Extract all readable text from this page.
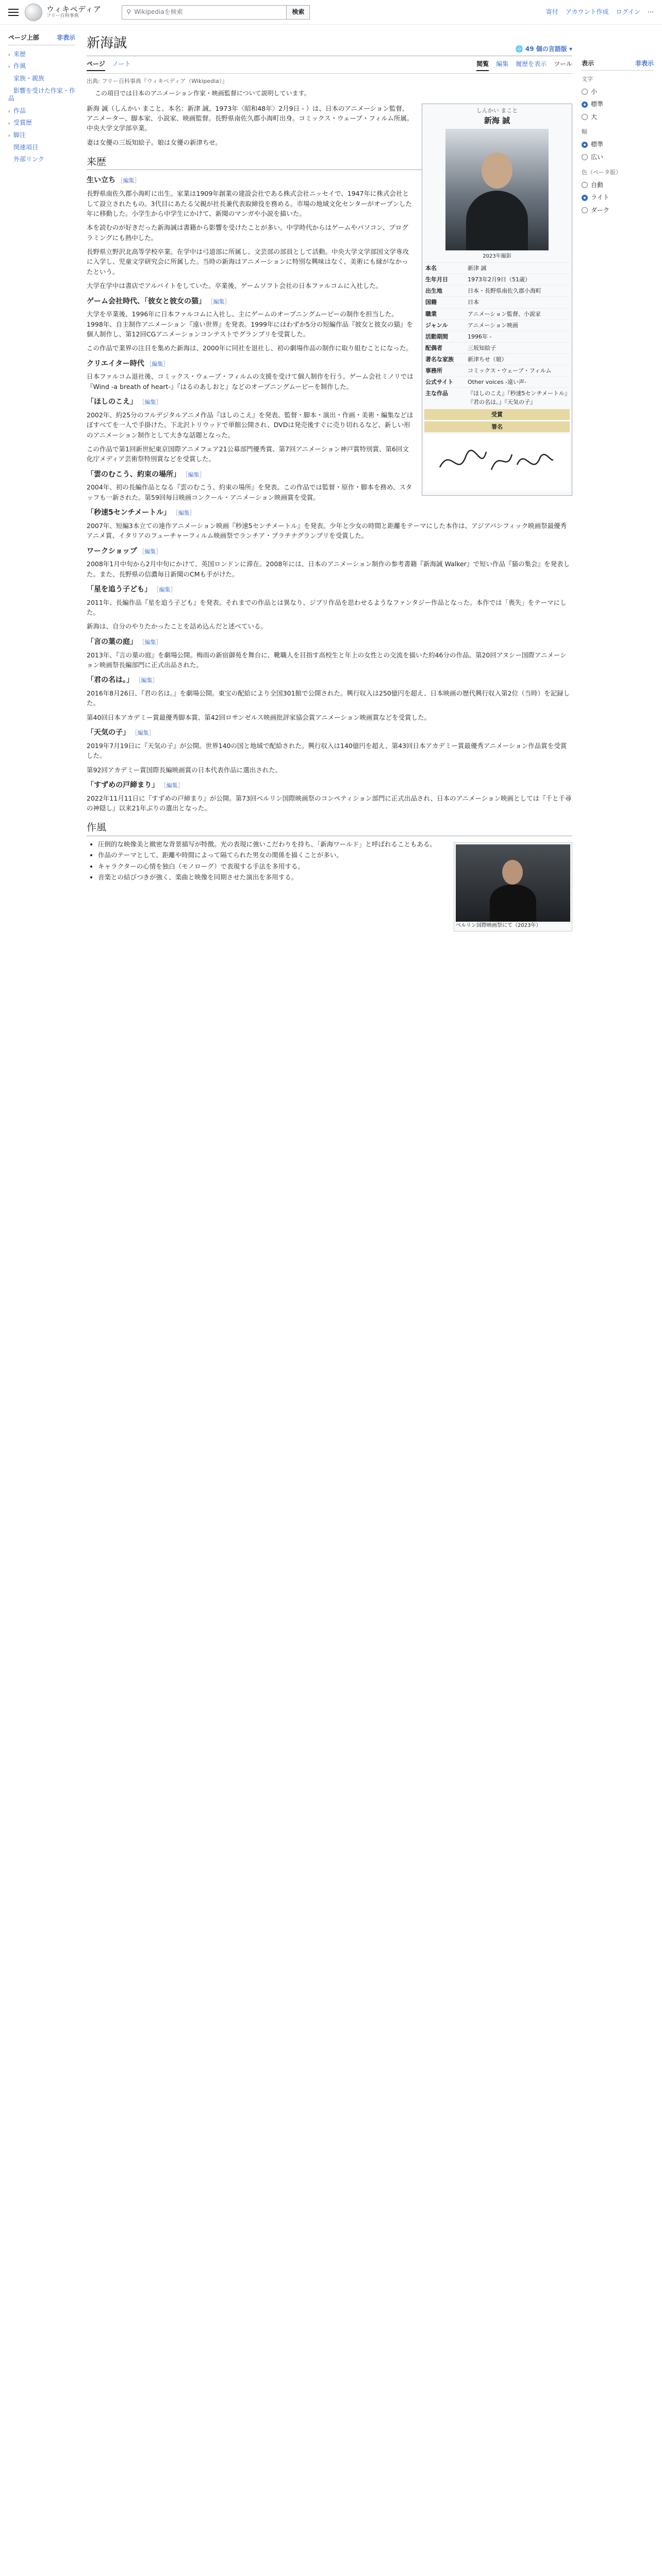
ウィキペディア
フリー百科事典
⚲ Wikipediaを検索	検索	寄付 アカウント作成 ログイン ⋯
ページ上部	非表示
› 来歴
› 作風
家族・親族
影響を受けた作家・作品
› 作品
› 受賞歴
› 脚注
関連項目
外部リンク
新海誠	🌐 49 個の言語版 ▾
ページ ノート	閲覧 編集 履歴を表示 ツール
出典: フリー百科事典『ウィキペディア（Wikipedia）』
この項目では日本のアニメーション作家・映画監督について説明しています。
しんかい まこと
新海 誠
2023年撮影
本名	新津 誠
生年月日	1973年2月9日（51歳）
出生地	日本・長野県南佐久郡小海町
国籍	日本
職業	アニメーション監督、小説家
ジャンル	アニメーション映画
活動期間	1996年 -
配偶者	三坂知絵子
著名な家族	新津ちせ（娘）
事務所	コミックス・ウェーブ・フィルム
公式サイト	Other voices -遠い声-
主な作品	『ほしのこえ』『秒速5センチメートル』『君の名は。』『天気の子』
受賞
署名

新海 誠（しんかい まこと、本名：新津 誠、1973年〈昭和48年〉2月9日 - ）は、日本のアニメーション監督、アニメーター、脚本家、小説家、映画監督。長野県南佐久郡小海町出身。コミックス・ウェーブ・フィルム所属。中央大学文学部卒業。

妻は女優の三坂知絵子。娘は女優の新津ちせ。

来歴
生い立ち ［編集］

長野県南佐久郡小海町に出生。家業は1909年創業の建設会社である株式会社ニッセイで、1947年に株式会社として設立されたもの。3代目にあたる父親が社長兼代表取締役を務める。市場の地域文化センターがオープンした年に移動した。小学生から中学生にかけて、新聞のマンガや小説を描いた。

本を読むのが好きだった新海誠は書籍から影響を受けたことが多い。中学時代からはゲームやパソコン、プログラミングにも熱中した。

長野県立野沢北高等学校卒業。在学中は弓道部に所属し、文芸部の部員として活動。中央大学文学部国文学専攻に入学し、児童文学研究会に所属した。当時の新海はアニメーションに特別な興味はなく、美術にも縁がなかったという。

大学在学中は書店でアルバイトをしていた。卒業後、ゲームソフト会社の日本ファルコムに入社した。

ゲーム会社時代、「彼女と彼女の猫」 ［編集］

大学を卒業後、1996年に日本ファルコムに入社し、主にゲームのオープニングムービーの制作を担当した。1998年、自主制作アニメーション『遠い世界』を発表。1999年にはわずか5分の短編作品『彼女と彼女の猫』を個人制作し、第12回CGアニメーションコンテストでグランプリを受賞した。

この作品で業界の注目を集めた新海は、2000年に同社を退社し、初の劇場作品の制作に取り組むことになった。

クリエイター時代 ［編集］

日本ファルコム退社後、コミックス・ウェーブ・フィルムの支援を受けて個人制作を行う。ゲーム会社ミノリでは『Wind -a breath of heart-』『はるのあしおと』などのオープニングムービーを制作した。

「ほしのこえ」 ［編集］

2002年、約25分のフルデジタルアニメ作品『ほしのこえ』を発表。監督・脚本・演出・作画・美術・編集などほぼすべてを一人で手掛けた。下北沢トリウッドで単館公開され、DVDは発売後すぐに売り切れるなど、新しい形のアニメーション制作として大きな話題となった。

この作品で第1回新世紀東京国際アニメフェア21公募部門優秀賞、第7回アニメーション神戸賞特別賞、第6回文化庁メディア芸術祭特別賞などを受賞した。

「雲のむこう、約束の場所」 ［編集］

2004年、初の長編作品となる『雲のむこう、約束の場所』を発表。この作品では監督・原作・脚本を務め、スタッフも一新された。第59回毎日映画コンクール・アニメーション映画賞を受賞。

「秒速5センチメートル」 ［編集］

2007年、短編3本立ての連作アニメーション映画『秒速5センチメートル』を発表。少年と少女の時間と距離をテーマにした本作は、アジアパシフィック映画祭最優秀アニメ賞、イタリアのフューチャーフィルム映画祭でランチア・プラチナグランプリを受賞した。

ワークショップ ［編集］

2008年1月中旬から2月中旬にかけて、英国ロンドンに滞在。2008年には、日本のアニメーション制作の参考書籍『新海誠 Walker』で短い作品『猫の集会』を発表した。また、長野県の信濃毎日新聞のCMも手がけた。

「星を追う子ども」 ［編集］

2011年、長編作品『星を追う子ども』を発表。それまでの作品とは異なり、ジブリ作品を思わせるようなファンタジー作品となった。本作では「喪失」をテーマにした。

新海は、自分のやりたかったことを詰め込んだと述べている。

「言の葉の庭」 ［編集］

2013年、『言の葉の庭』を劇場公開。梅雨の新宿御苑を舞台に、靴職人を目指す高校生と年上の女性との交流を描いた約46分の作品。第20回アヌシー国際アニメーション映画祭長編部門に正式出品された。

「君の名は。」 ［編集］

2016年8月26日、『君の名は。』を劇場公開。東宝の配給により全国301館で公開された。興行収入は250億円を超え、日本映画の歴代興行収入第2位（当時）を記録した。

第40回日本アカデミー賞最優秀脚本賞、第42回ロサンゼルス映画批評家協会賞アニメーション映画賞などを受賞した。

「天気の子」 ［編集］

2019年7月19日に『天気の子』が公開。世界140の国と地域で配給された。興行収入は140億円を超え、第43回日本アカデミー賞最優秀アニメーション作品賞を受賞した。

第92回アカデミー賞国際長編映画賞の日本代表作品に選出された。

「すずめの戸締まり」 ［編集］

2022年11月11日に『すずめの戸締まり』が公開。第73回ベルリン国際映画祭のコンペティション部門に正式出品され、日本のアニメーション映画としては『千と千尋の神隠し』以来21年ぶりの選出となった。

作風
ベルリン国際映画祭にて（2023年）
• 圧倒的な映像美と緻密な背景描写が特徴。光の表現に強いこだわりを持ち、「新海ワールド」と呼ばれることもある。
• 作品のテーマとして、距離や時間によって隔てられた男女の関係を描くことが多い。
• キャラクターの心情を独白（モノローグ）で表現する手法を多用する。
• 音楽との結びつきが強く、楽曲と映像を同期させた演出を多用する。
表示	非表示
文字
小
標準
大
幅
標準
広い
色（ベータ版）
自動
ライト
ダーク
